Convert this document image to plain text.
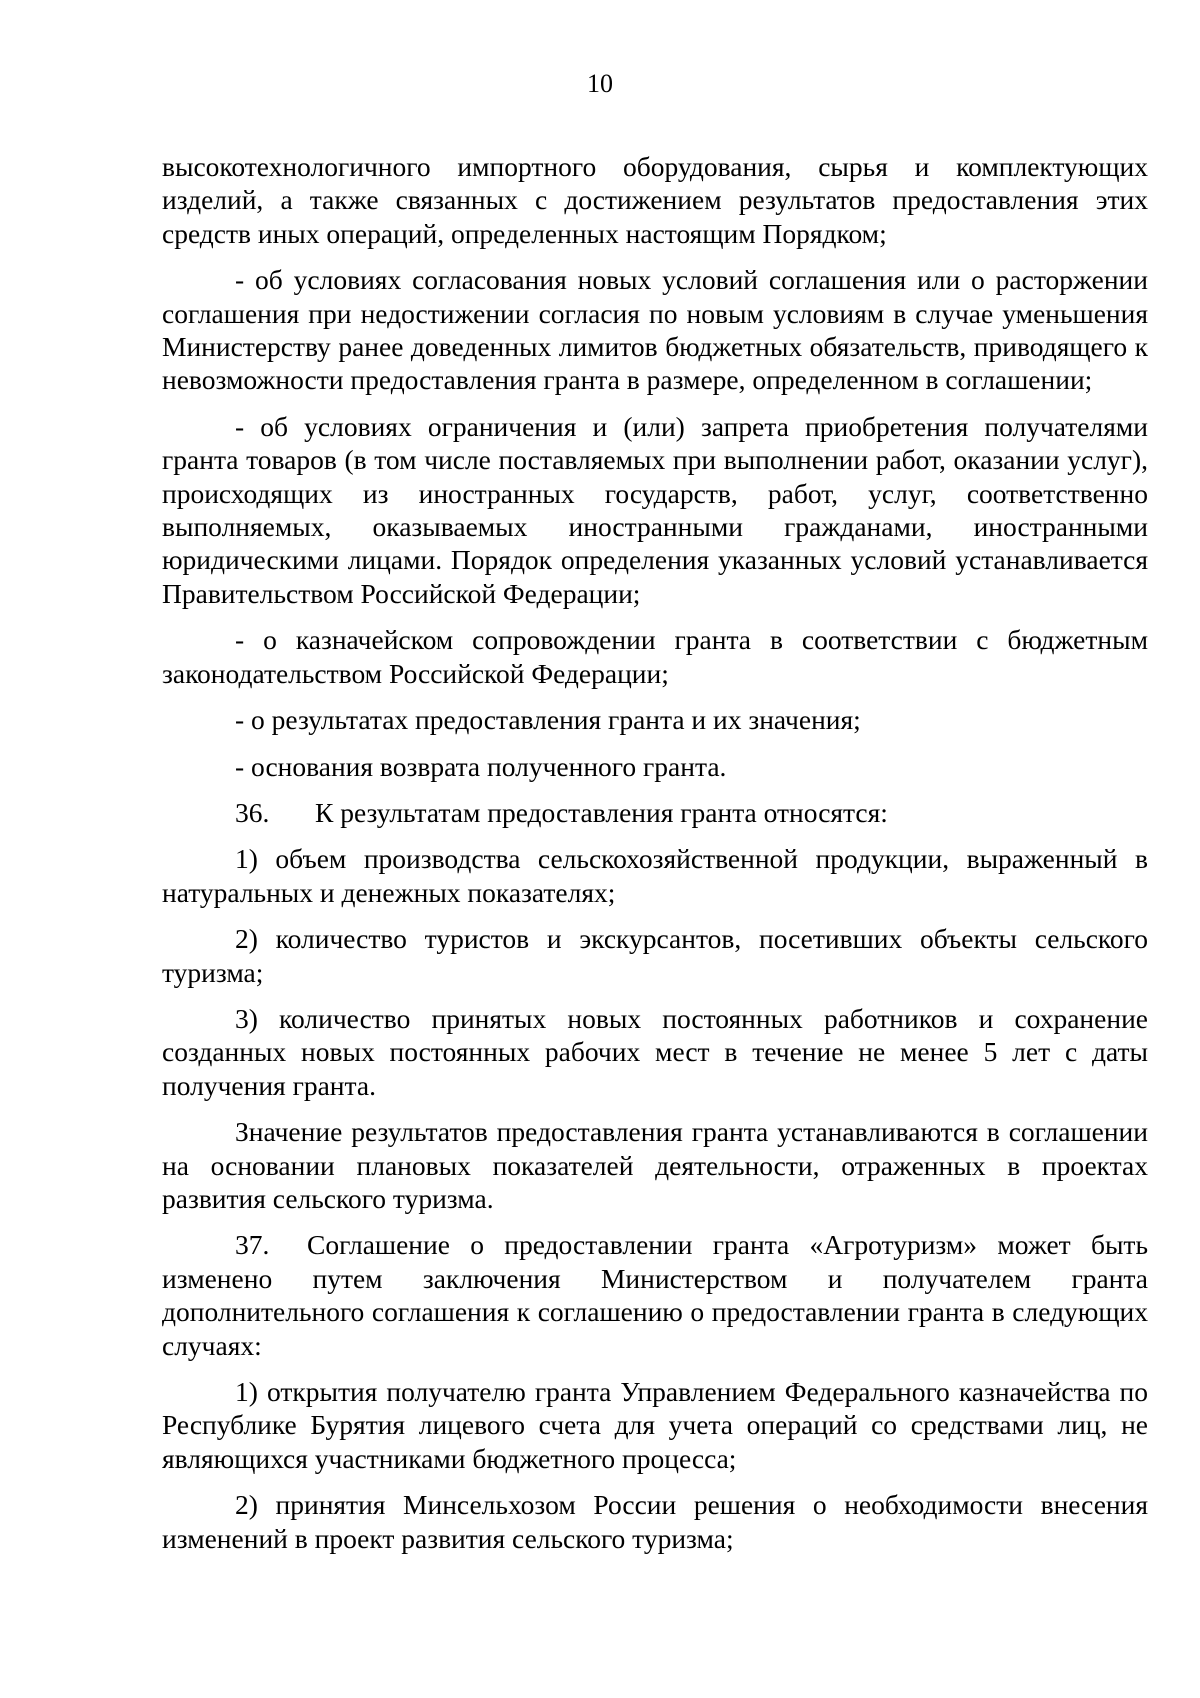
10

высокотехнологичного импортного оборудования, сырья и комплектующих изделий, а также связанных с достижением результатов предоставления этих средств иных операций, определенных настоящим Порядком;

- об условиях согласования новых условий соглашения или о расторжении соглашения при недостижении согласия по новым условиям в случае уменьшения Министерству ранее доведенных лимитов бюджетных обязательств, приводящего к невозможности предоставления гранта в размере, определенном в соглашении;

- об условиях ограничения и (или) запрета приобретения получателями гранта товаров (в том числе поставляемых при выполнении работ, оказании услуг), происходящих из иностранных государств, работ, услуг, соответственно выполняемых, оказываемых иностранными гражданами, иностранными юридическими лицами. Порядок определения указанных условий устанавливается Правительством Российской Федерации;

- о казначейском сопровождении гранта в соответствии с бюджетным законодательством Российской Федерации;

- о результатах предоставления гранта и их значения;

- основания возврата полученного гранта.

36. К результатам предоставления гранта относятся:

1) объем производства сельскохозяйственной продукции, выраженный в натуральных и денежных показателях;

2) количество туристов и экскурсантов, посетивших объекты сельского туризма;

3) количество принятых новых постоянных работников и сохранение созданных новых постоянных рабочих мест в течение не менее 5 лет с даты получения гранта.

Значение результатов предоставления гранта устанавливаются в соглашении на основании плановых показателей деятельности, отраженных в проектах развития сельского туризма.

37. Соглашение о предоставлении гранта «Агротуризм» может быть изменено путем заключения Министерством и получателем гранта дополнительного соглашения к соглашению о предоставлении гранта в следующих случаях:

1) открытия получателю гранта Управлением Федерального казначейства по Республике Бурятия лицевого счета для учета операций со средствами лиц, не являющихся участниками бюджетного процесса;

2) принятия Минсельхозом России решения о необходимости внесения изменений в проект развития сельского туризма;
